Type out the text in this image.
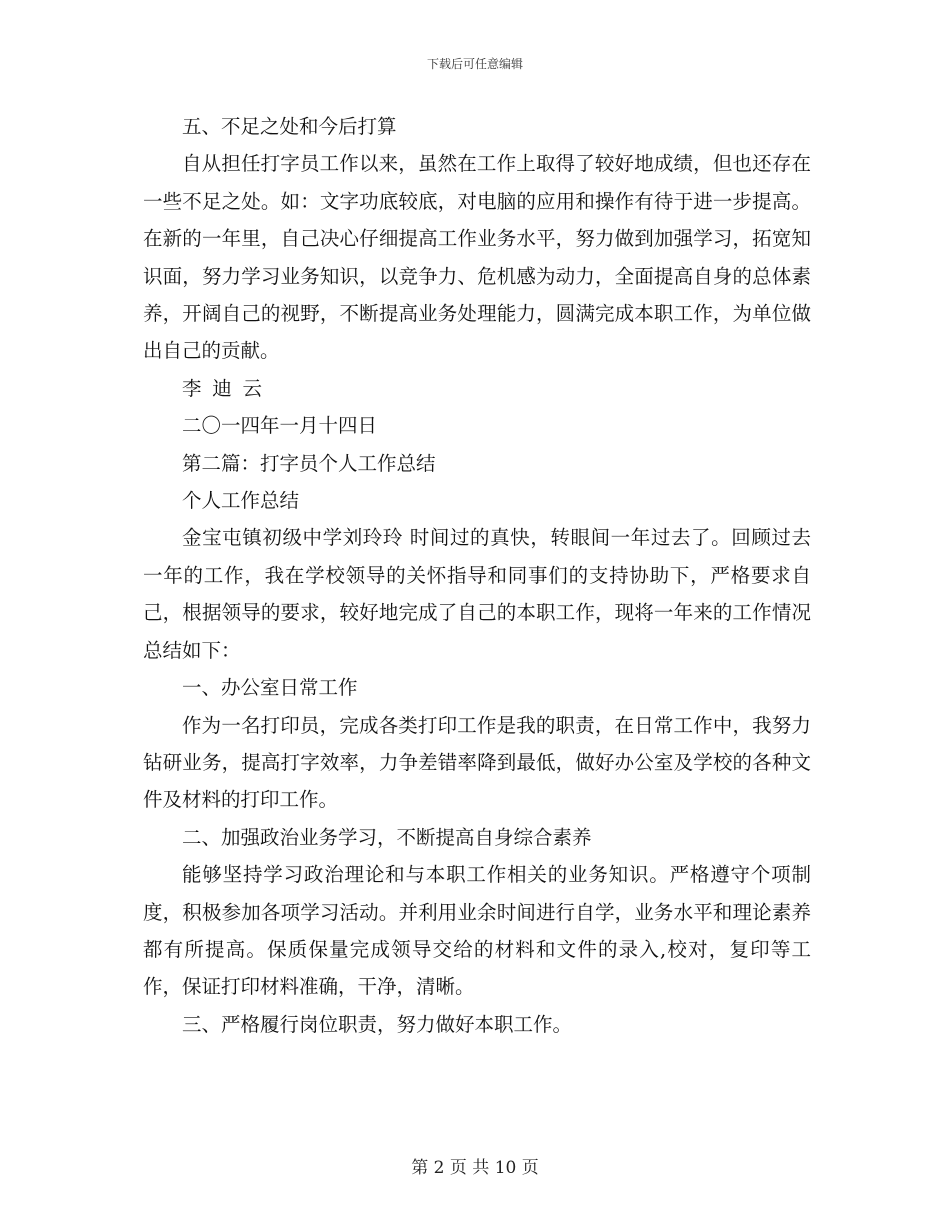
下载后可任意编辑

五、不足之处和今后打算

自从担任打字员工作以来，虽然在工作上取得了较好地成绩，但也还存在一些不足之处。如：文字功底较底，对电脑的应用和操作有待于进一步提高。在新的一年里，自己决心仔细提高工作业务水平，努力做到加强学习，拓宽知识面，努力学习业务知识，以竞争力、危机感为动力，全面提高自身的总体素养，开阔自己的视野，不断提高业务处理能力，圆满完成本职工作，为单位做出自己的贡献。

李迪云

二〇一四年一月十四日

第二篇：打字员个人工作总结

个人工作总结

金宝屯镇初级中学刘玲玲 时间过的真快，转眼间一年过去了。回顾过去一年的工作，我在学校领导的关怀指导和同事们的支持协助下，严格要求自己，根据领导的要求，较好地完成了自己的本职工作，现将一年来的工作情况总结如下：

一、办公室日常工作

作为一名打印员，完成各类打印工作是我的职责，在日常工作中，我努力钻研业务，提高打字效率，力争差错率降到最低，做好办公室及学校的各种文件及材料的打印工作。

二、加强政治业务学习，不断提高自身综合素养

能够坚持学习政治理论和与本职工作相关的业务知识。严格遵守个项制度，积极参加各项学习活动。并利用业余时间进行自学，业务水平和理论素养都有所提高。保质保量完成领导交给的材料和文件的录入,校对，复印等工作，保证打印材料准确，干净，清晰。

三、严格履行岗位职责，努力做好本职工作。

第 2 页 共 10 页
